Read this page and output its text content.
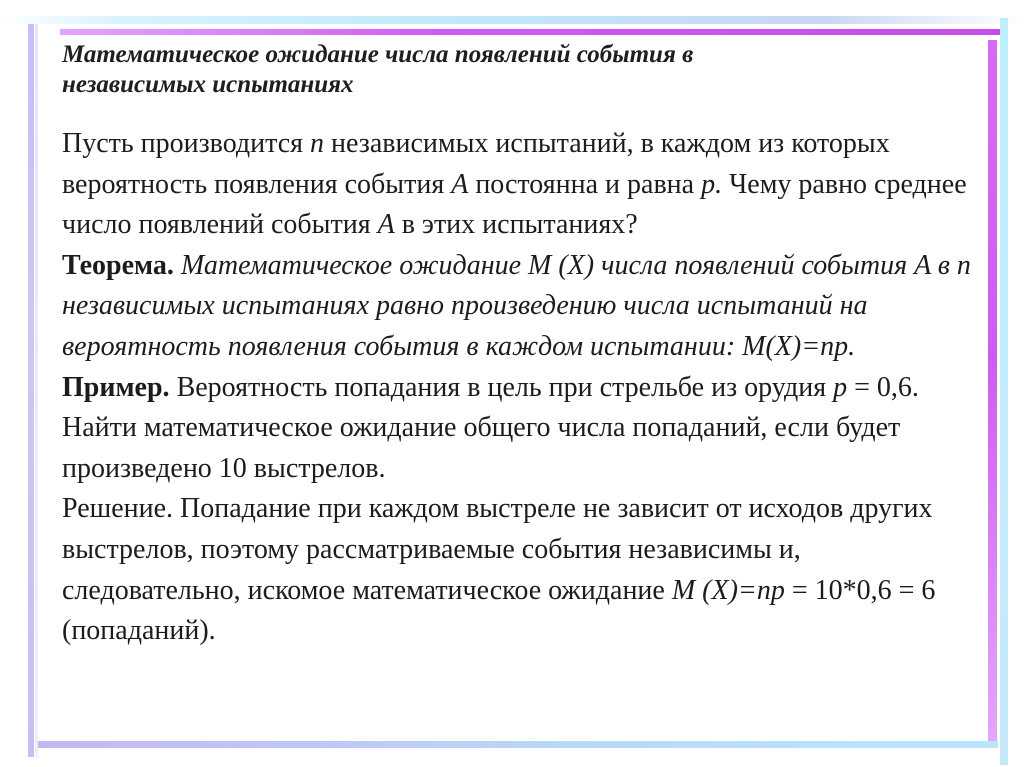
Математическое ожидание числа появлений события в
независимых испытаниях

Пусть производится n независимых испытаний, в каждом из которых вероятность появления события А постоянна и равна р. Чему равно среднее число появлений события А в этих испытаниях?

Теорема. Математическое ожидание M (X) числа появлений события A в n независимых испытаниях равно произведению числа испытаний на вероятность появления события в каждом испытании: M(X)=np.

Пример. Вероятность попадания в цель при стрельбе из орудия p = 0,6. Найти математическое ожидание общего числа попаданий, если будет произведено 10 выстрелов.

Решение. Попадание при каждом выстреле не зависит от исходов других выстрелов, поэтому рассматриваемые события независимы и, следовательно, искомое математическое ожидание M (X)=np = 10*0,6 = 6 (попаданий).
